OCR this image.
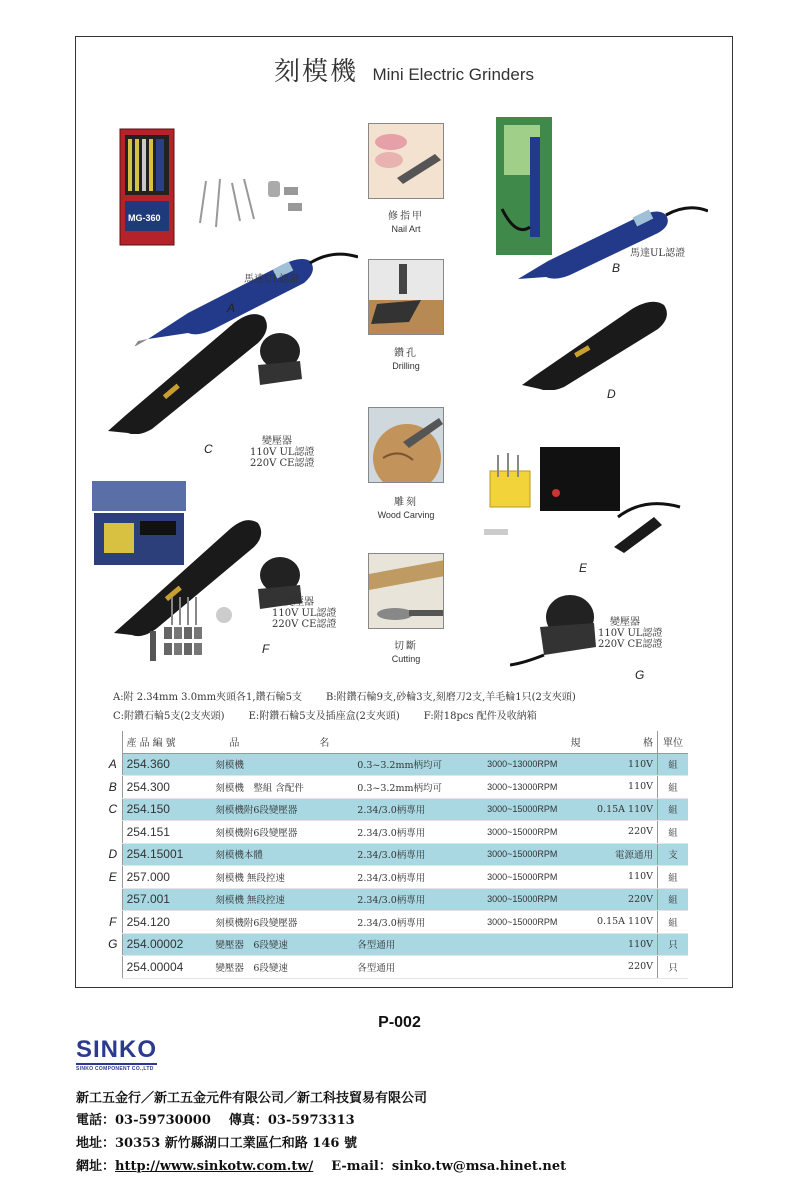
刻模機 Mini Electric Grinders
MG-360
馬達UL認證
A
修指甲
Nail Art
鑽孔
Drilling
雕刻
Wood Carving
切斷
Cutting
馬達UL認證
B
D
變壓器
110V UL認證
220V CE認證
C
E
變壓器
110V UL認證
220V CE認證
F
變壓器
110V UL認證
220V CE認證
G
A:附 2.34mm 3.0mm夾頭各1,鑽石輪5支 B:附鑽石輪9支,砂輪3支,刻磨刀2支,羊毛輪1只(2支夾頭)
C:附鑽石輪5支(2支夾頭) E:附鑽石輪5支及插座盒(2支夾頭) F:附18pcs 配件及收納箱
	產品編號	品 名		規	格	單位
A	254.360	刻模機	0.3~3.2mm柄均可	3000~13000RPM	110V	組
B	254.300	刻模機　整組 含配件	0.3~3.2mm柄均可	3000~13000RPM	110V	組
C	254.150	刻模機附6段變壓器	2.34/3.0柄專用	3000~15000RPM	0.15A 110V	組
	254.151	刻模機附6段變壓器	2.34/3.0柄專用	3000~15000RPM	220V	組
D	254.15001	刻模機本體	2.34/3.0柄專用	3000~15000RPM	電源通用	支
E	257.000	刻模機 無段控速	2.34/3.0柄專用	3000~15000RPM	110V	組
	257.001	刻模機 無段控速	2.34/3.0柄專用	3000~15000RPM	220V	組
F	254.120	刻模機附6段變壓器	2.34/3.0柄專用	3000~15000RPM	0.15A 110V	組
G	254.00002	變壓器　6段變速	各型通用		110V	只
	254.00004	變壓器　6段變速	各型通用		220V	只
P-002
SINKO
SINKO COMPONENT CO.,LTD
新工五金行／新工五金元件有限公司／新工科技貿易有限公司
電話：03-59730000 傳真：03-5973313
地址：30353 新竹縣湖口工業區仁和路 146 號
網址：http://www.sinkotw.com.tw/ E-mail：sinko.tw@msa.hinet.net
